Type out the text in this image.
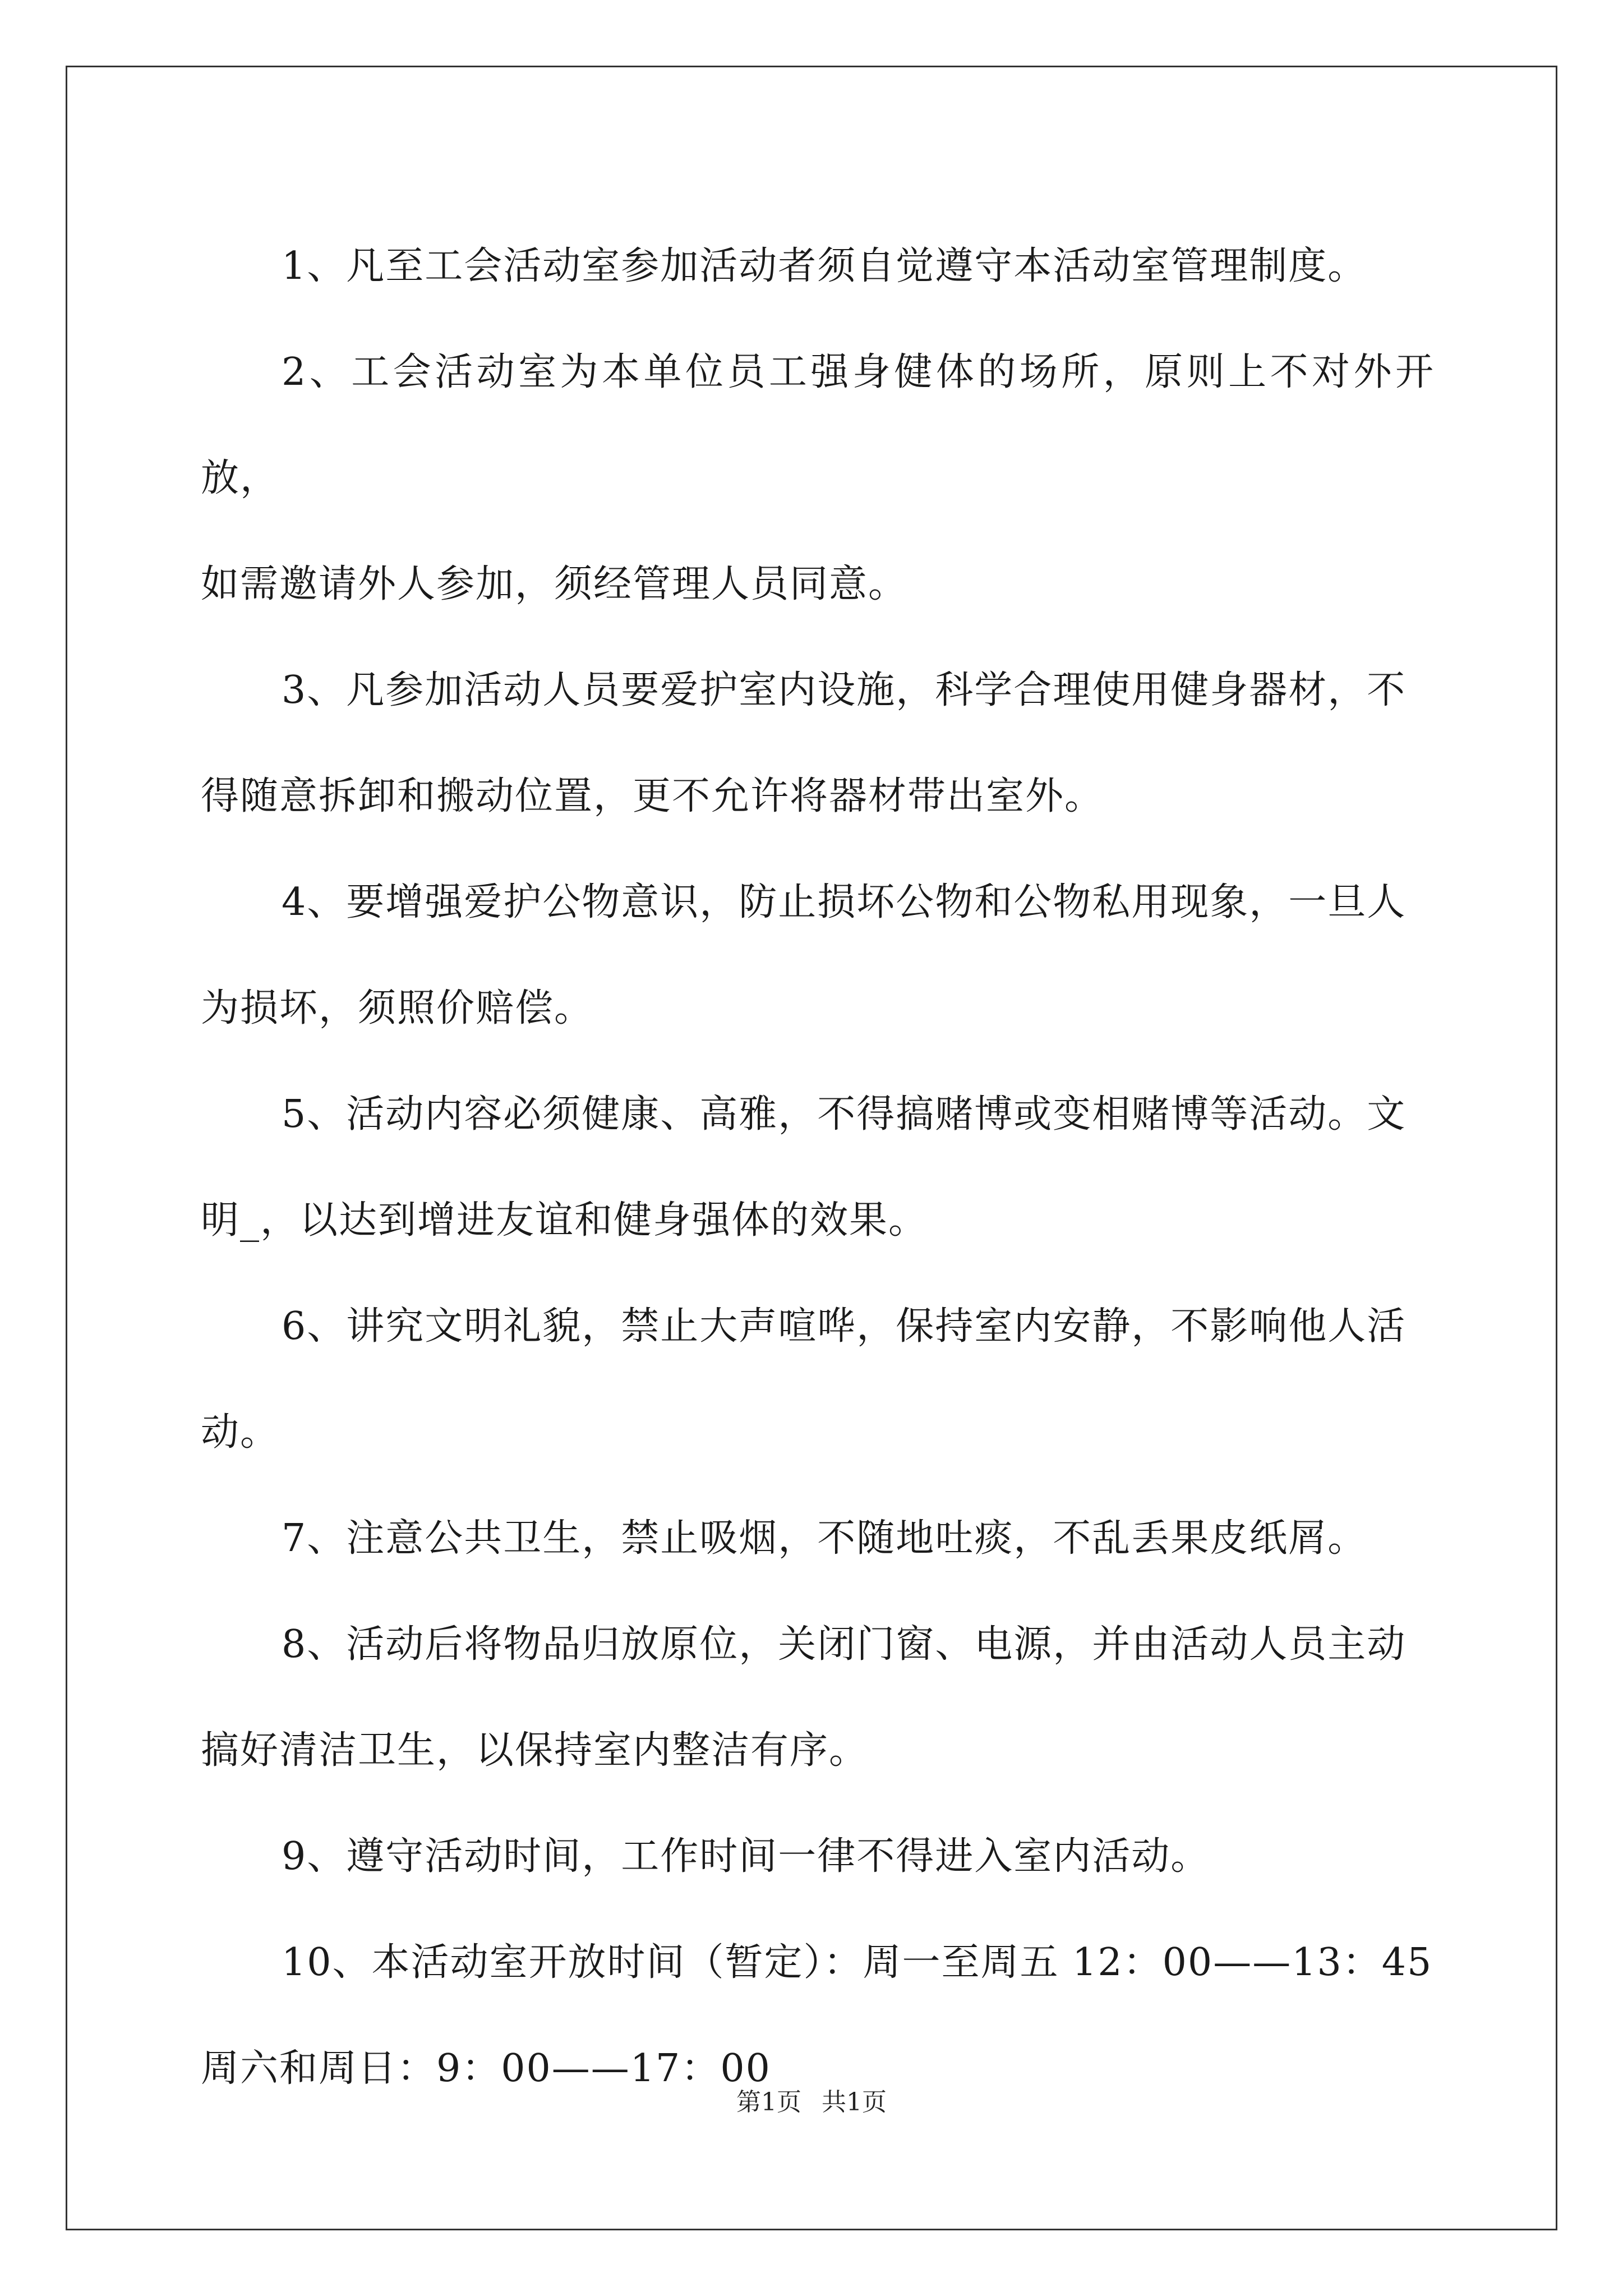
1、凡至工会活动室参加活动者须自觉遵守本活动室管理制度。

2、工会活动室为本单位员工强身健体的场所，原则上不对外开放，
如需邀请外人参加，须经管理人员同意。

3、凡参加活动人员要爱护室内设施，科学合理使用健身器材，不
得随意拆卸和搬动位置，更不允许将器材带出室外。

4、要增强爱护公物意识，防止损坏公物和公物私用现象，一旦人
为损坏，须照价赔偿。

5、活动内容必须健康、高雅，不得搞赌博或变相赌博等活动。文
明_，以达到增进友谊和健身强体的效果。

6、讲究文明礼貌，禁止大声喧哗，保持室内安静，不影响他人活
动。

7、注意公共卫生，禁止吸烟，不随地吐痰，不乱丢果皮纸屑。

8、活动后将物品归放原位，关闭门窗、电源，并由活动人员主动
搞好清洁卫生，以保持室内整洁有序。

9、遵守活动时间，工作时间一律不得进入室内活动。

10、本活动室开放时间（暂定）：周一至周五 12：00——13：45
周六和周日：9：00——17：00

第1页 共1页
